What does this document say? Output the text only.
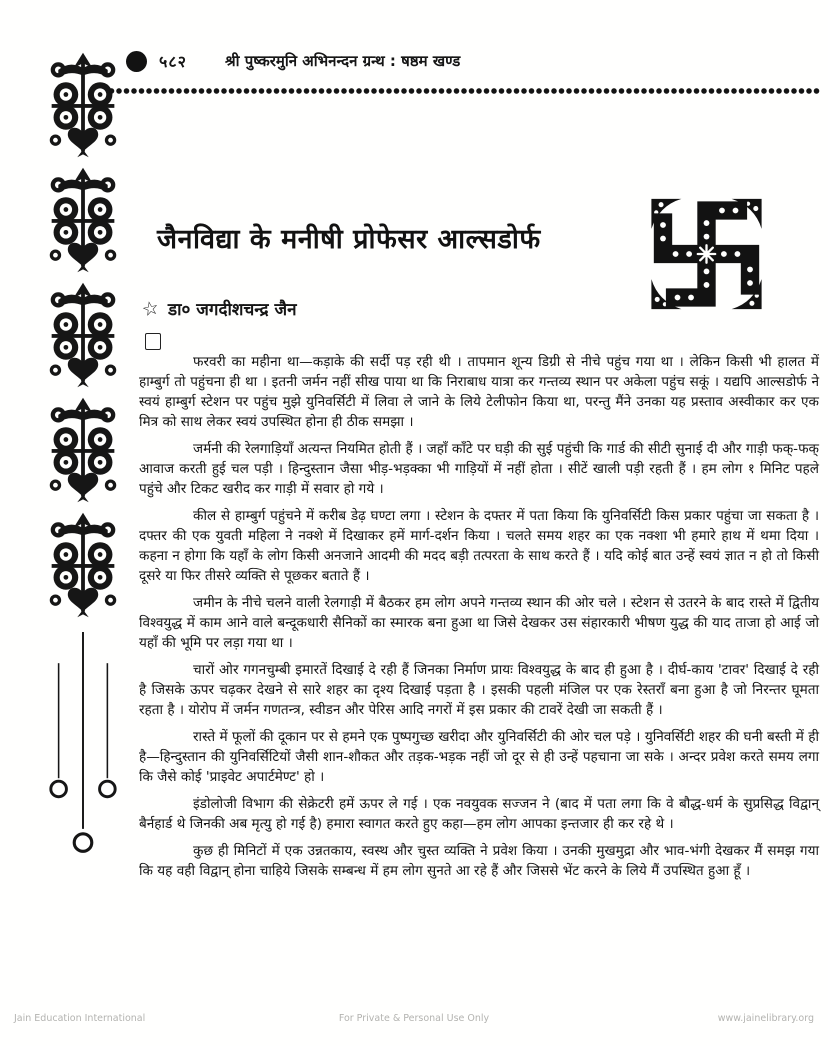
५८२	श्री पुष्करमुनि अभिनन्दन ग्रन्थ : षष्ठम खण्ड
जैनविद्या के मनीषी प्रोफेसर आल्सडोर्फ
☆ डा० जगदीशचन्द्र जैन

फरवरी का महीना था—कड़ाके की सर्दी पड़ रही थी । तापमान शून्य डिग्री से नीचे पहुंच गया था । लेकिन किसी भी हालत में हाम्बुर्ग तो पहुंचना ही था । इतनी जर्मन नहीं सीख पाया था कि निराबाध यात्रा कर गन्तव्य स्थान पर अकेला पहुंच सकूं । यद्यपि आल्सडोर्फ ने स्वयं हाम्बुर्ग स्टेशन पर पहुंच मुझे युनिवर्सिटी में लिवा ले जाने के लिये टेलीफोन किया था, परन्तु मैंने उनका यह प्रस्ताव अस्वीकार कर एक मित्र को साथ लेकर स्वयं उपस्थित होना ही ठीक समझा ।

जर्मनी की रेलगाड़ियाँ अत्यन्त नियमित होती हैं । जहाँ काँटे पर घड़ी की सुई पहुंची कि गार्ड की सीटी सुनाई दी और गाड़ी फक्-फक् आवाज करती हुई चल पड़ी । हिन्दुस्तान जैसा भीड़-भड़क्का भी गाड़ियों में नहीं होता । सीटें खाली पड़ी रहती हैं । हम लोग १ मिनिट पहले पहुंचे और टिकट खरीद कर गाड़ी में सवार हो गये ।

कील से हाम्बुर्ग पहुंचने में करीब डेढ़ घण्टा लगा । स्टेशन के दफ्तर में पता किया कि युनिवर्सिटी किस प्रकार पहुंचा जा सकता है । दफ्तर की एक युवती महिला ने नक्शे में दिखाकर हमें मार्ग-दर्शन किया । चलते समय शहर का एक नक्शा भी हमारे हाथ में थमा दिया । कहना न होगा कि यहाँ के लोग किसी अनजाने आदमी की मदद बड़ी तत्परता के साथ करते हैं । यदि कोई बात उन्हें स्वयं ज्ञात न हो तो किसी दूसरे या फिर तीसरे व्यक्ति से पूछकर बताते हैं ।

जमीन के नीचे चलने वाली रेलगाड़ी में बैठकर हम लोग अपने गन्तव्य स्थान की ओर चले । स्टेशन से उतरने के बाद रास्ते में द्वितीय विश्वयुद्ध में काम आने वाले बन्दूकधारी सैनिकों का स्मारक बना हुआ था जिसे देखकर उस संहारकारी भीषण युद्ध की याद ताजा हो आई जो यहाँ की भूमि पर लड़ा गया था ।

चारों ओर गगनचुम्बी इमारतें दिखाई दे रही हैं जिनका निर्माण प्रायः विश्वयुद्ध के बाद ही हुआ है । दीर्घ-काय 'टावर' दिखाई दे रही है जिसके ऊपर चढ़कर देखने से सारे शहर का दृश्य दिखाई पड़ता है । इसकी पहली मंजिल पर एक रेस्तराँ बना हुआ है जो निरन्तर घूमता रहता है । योरोप में जर्मन गणतन्त्र, स्वीडन और पेरिस आदि नगरों में इस प्रकार की टावरें देखी जा सकती हैं ।

रास्ते में फूलों की दूकान पर से हमने एक पुष्पगुच्छ खरीदा और युनिवर्सिटी की ओर चल पड़े । युनिवर्सिटी शहर की घनी बस्ती में ही है—हिन्दुस्तान की युनिवर्सिटियों जैसी शान-शौकत और तड़क-भड़क नहीं जो दूर से ही उन्हें पहचाना जा सके । अन्दर प्रवेश करते समय लगा कि जैसे कोई 'प्राइवेट अपार्टमेण्ट' हो ।

इंडोलोजी विभाग की सेक्रेटरी हमें ऊपर ले गई । एक नवयुवक सज्जन ने (बाद में पता लगा कि वे बौद्ध-धर्म के सुप्रसिद्ध विद्वान् बैर्नहार्ड थे जिनकी अब मृत्यु हो गई है) हमारा स्वागत करते हुए कहा—हम लोग आपका इन्तजार ही कर रहे थे ।

कुछ ही मिनिटों में एक उन्नतकाय, स्वस्थ और चुस्त व्यक्ति ने प्रवेश किया । उनकी मुखमुद्रा और भाव-भंगी देखकर मैं समझ गया कि यह वही विद्वान् होना चाहिये जिसके सम्बन्ध में हम लोग सुनते आ रहे हैं और जिससे भेंट करने के लिये मैं उपस्थित हुआ हूँ ।

For Private & Personal Use Only
Jain Education International	www.jainelibrary.org
